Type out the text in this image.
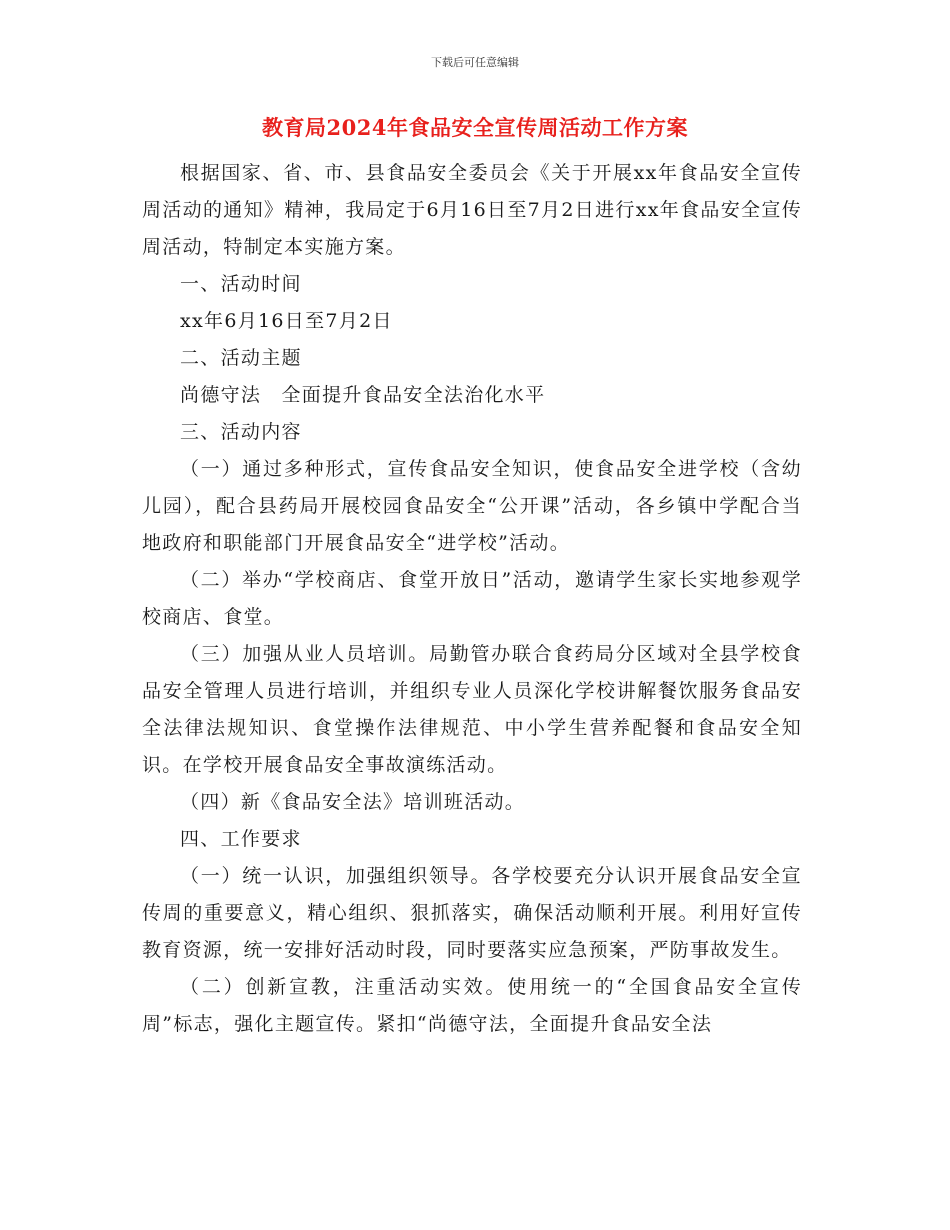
下载后可任意编辑
教育局2024年食品安全宣传周活动工作方案

根据国家、省、市、县食品安全委员会《关于开展xx年食品安全宣传周活动的通知》精神，我局定于6月16日至7月2日进行xx年食品安全宣传周活动，特制定本实施方案。

一、活动时间

xx年6月16日至7月2日

二、活动主题

尚德守法　全面提升食品安全法治化水平

三、活动内容

（一）通过多种形式，宣传食品安全知识，使食品安全进学校（含幼儿园），配合县药局开展校园食品安全“公开课”活动，各乡镇中学配合当地政府和职能部门开展食品安全“进学校”活动。

（二）举办“学校商店、食堂开放日”活动，邀请学生家长实地参观学校商店、食堂。

（三）加强从业人员培训。局勤管办联合食药局分区域对全县学校食品安全管理人员进行培训，并组织专业人员深化学校讲解餐饮服务食品安全法律法规知识、食堂操作法律规范、中小学生营养配餐和食品安全知识。在学校开展食品安全事故演练活动。

（四）新《食品安全法》培训班活动。

四、工作要求

（一）统一认识，加强组织领导。各学校要充分认识开展食品安全宣传周的重要意义，精心组织、狠抓落实，确保活动顺利开展。利用好宣传教育资源，统一安排好活动时段，同时要落实应急预案，严防事故发生。

（二）创新宣教，注重活动实效。使用统一的“全国食品安全宣传周”标志，强化主题宣传。紧扣“尚德守法，全面提升食品安全法
